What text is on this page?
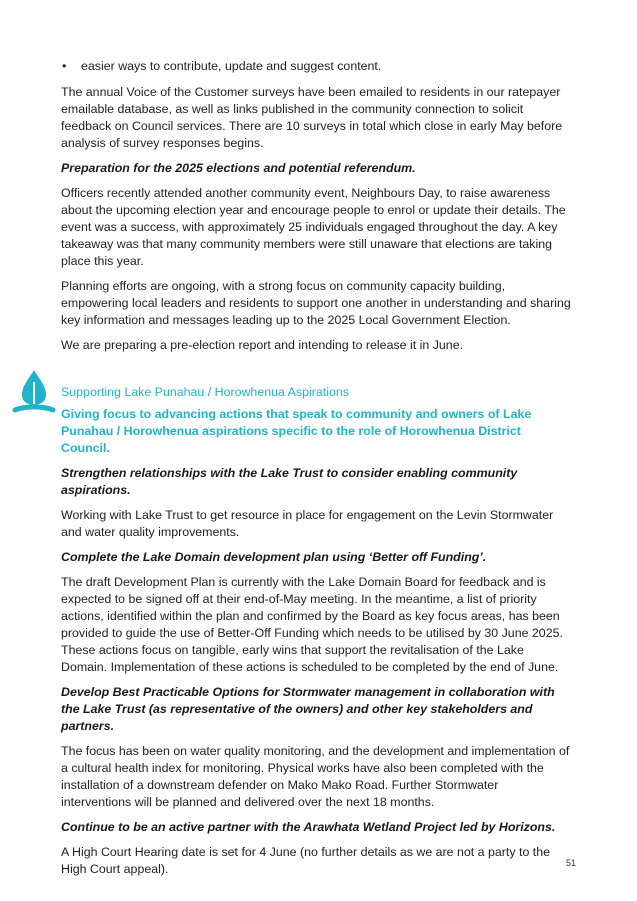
• easier ways to contribute, update and suggest content.

The annual Voice of the Customer surveys have been emailed to residents in our ratepayer emailable database, as well as links published in the community connection to solicit feedback on Council services. There are 10 surveys in total which close in early May before analysis of survey responses begins.

Preparation for the 2025 elections and potential referendum.

Officers recently attended another community event, Neighbours Day, to raise awareness about the upcoming election year and encourage people to enrol or update their details. The event was a success, with approximately 25 individuals engaged throughout the day. A key takeaway was that many community members were still unaware that elections are taking place this year.

Planning efforts are ongoing, with a strong focus on community capacity building, empowering local leaders and residents to support one another in understanding and sharing key information and messages leading up to the 2025 Local Government Election.

We are preparing a pre-election report and intending to release it in June.

Supporting Lake Punahau / Horowhenua Aspirations

Giving focus to advancing actions that speak to community and owners of Lake Punahau / Horowhenua aspirations specific to the role of Horowhenua District Council.

Strengthen relationships with the Lake Trust to consider enabling community aspirations.

Working with Lake Trust to get resource in place for engagement on the Levin Stormwater and water quality improvements.

Complete the Lake Domain development plan using ‘Better off Funding’.

The draft Development Plan is currently with the Lake Domain Board for feedback and is expected to be signed off at their end-of-May meeting. In the meantime, a list of priority actions, identified within the plan and confirmed by the Board as key focus areas, has been provided to guide the use of Better-Off Funding which needs to be utilised by 30 June 2025. These actions focus on tangible, early wins that support the revitalisation of the Lake Domain. Implementation of these actions is scheduled to be completed by the end of June.

Develop Best Practicable Options for Stormwater management in collaboration with the Lake Trust (as representative of the owners) and other key stakeholders and partners.

The focus has been on water quality monitoring, and the development and implementation of a cultural health index for monitoring. Physical works have also been completed with the installation of a downstream defender on Mako Mako Road. Further Stormwater interventions will be planned and delivered over the next 18 months.

Continue to be an active partner with the Arawhata Wetland Project led by Horizons.

A High Court Hearing date is set for 4 June (no further details as we are not a party to the High Court appeal).	51
